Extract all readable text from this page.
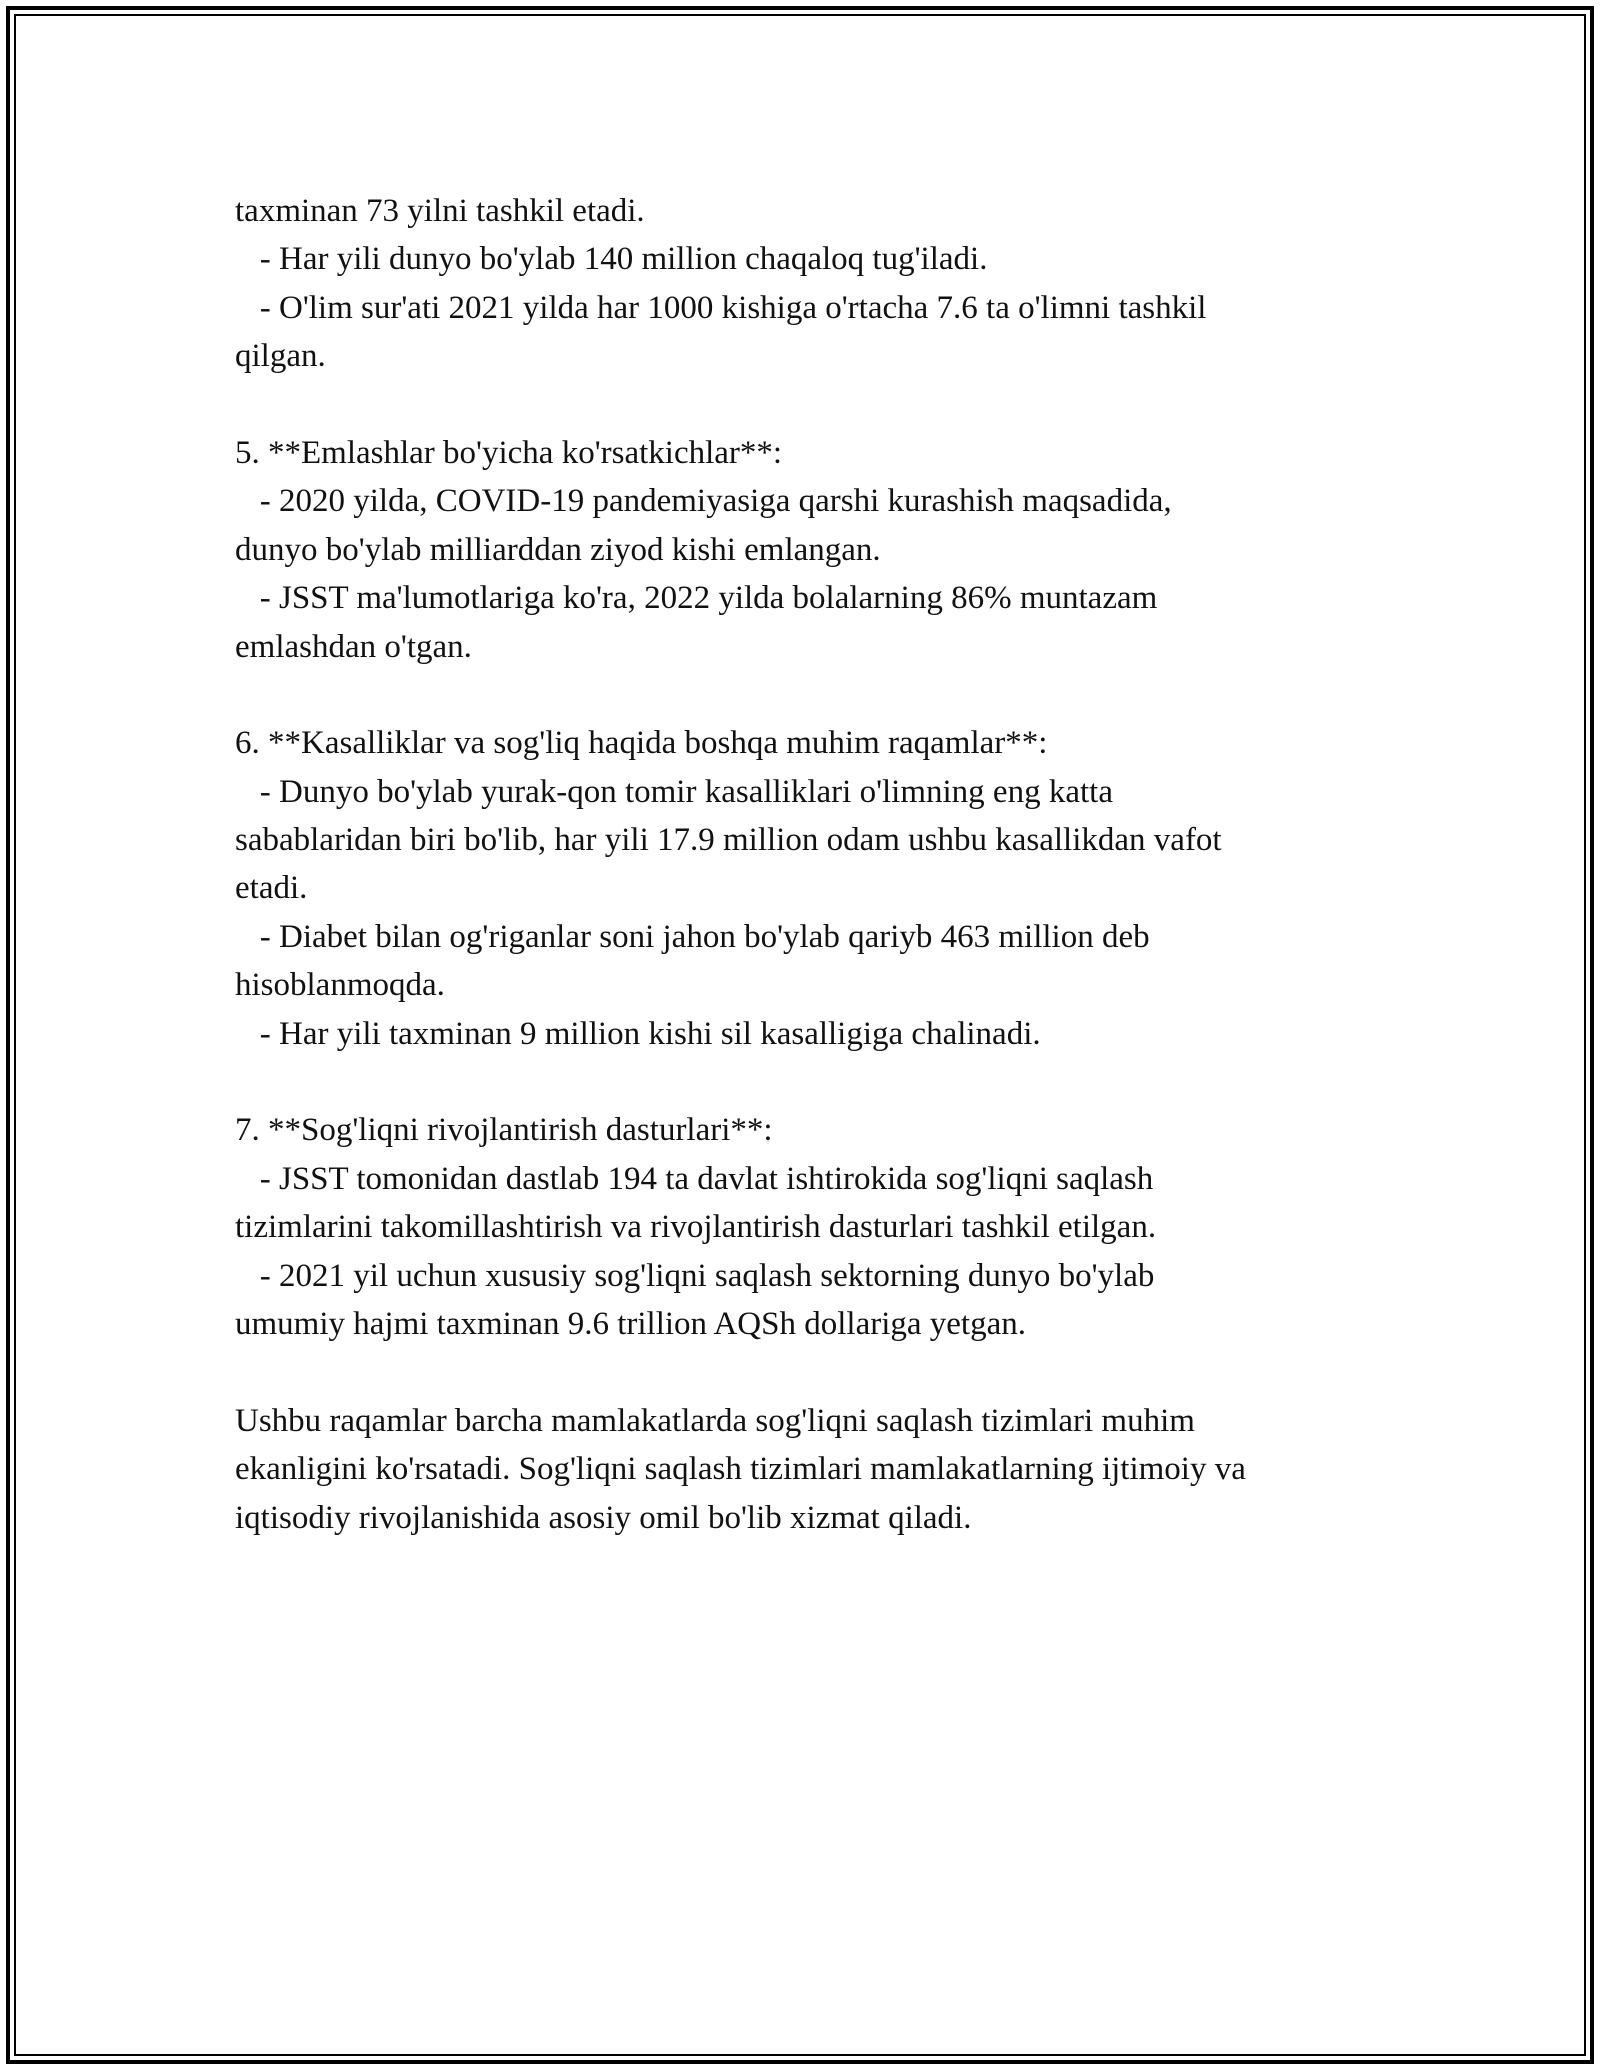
taxminan 73 yilni tashkil etadi.
- Har yili dunyo bo'ylab 140 million chaqaloq tug'iladi.
- O'lim sur'ati 2021 yilda har 1000 kishiga o'rtacha 7.6 ta o'limni tashkil
qilgan.
5. **Emlashlar bo'yicha ko'rsatkichlar**:
- 2020 yilda, COVID-19 pandemiyasiga qarshi kurashish maqsadida,
dunyo bo'ylab milliarddan ziyod kishi emlangan.
- JSST ma'lumotlariga ko'ra, 2022 yilda bolalarning 86% muntazam
emlashdan o'tgan.
6. **Kasalliklar va sog'liq haqida boshqa muhim raqamlar**:
- Dunyo bo'ylab yurak-qon tomir kasalliklari o'limning eng katta
sabablaridan biri bo'lib, har yili 17.9 million odam ushbu kasallikdan vafot
etadi.
- Diabet bilan og'riganlar soni jahon bo'ylab qariyb 463 million deb
hisoblanmoqda.
- Har yili taxminan 9 million kishi sil kasalligiga chalinadi.
7. **Sog'liqni rivojlantirish dasturlari**:
- JSST tomonidan dastlab 194 ta davlat ishtirokida sog'liqni saqlash
tizimlarini takomillashtirish va rivojlantirish dasturlari tashkil etilgan.
- 2021 yil uchun xususiy sog'liqni saqlash sektorning dunyo bo'ylab
umumiy hajmi taxminan 9.6 trillion AQSh dollariga yetgan.
Ushbu raqamlar barcha mamlakatlarda sog'liqni saqlash tizimlari muhim
ekanligini ko'rsatadi. Sog'liqni saqlash tizimlari mamlakatlarning ijtimoiy va
iqtisodiy rivojlanishida asosiy omil bo'lib xizmat qiladi.
